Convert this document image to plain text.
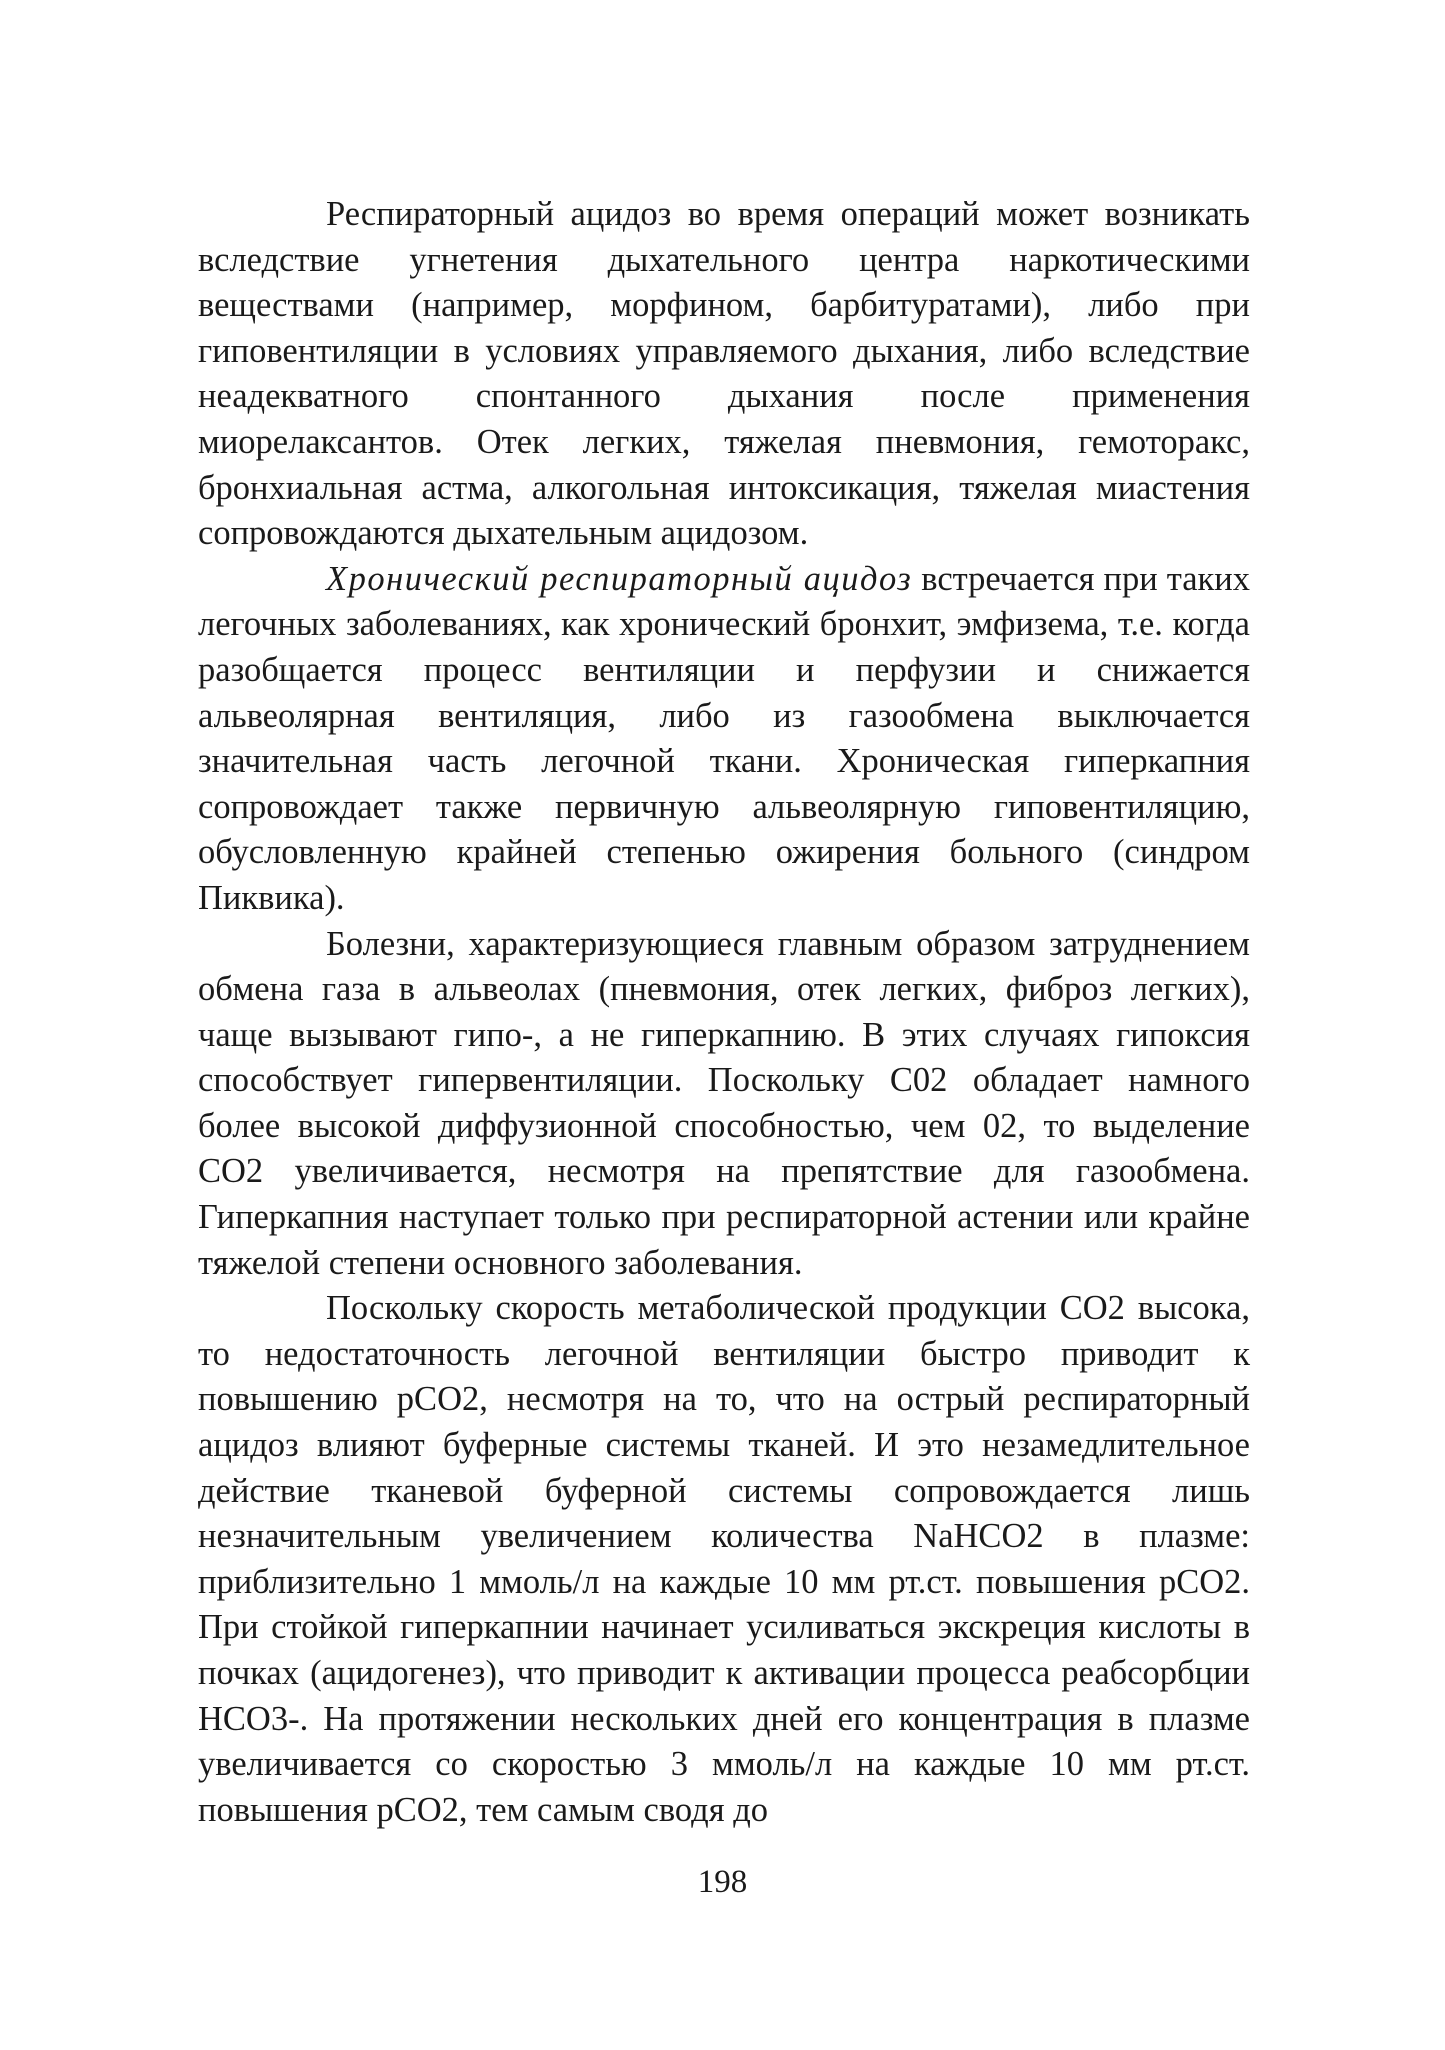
Респираторный ацидоз во время операций может возникать вследствие угнетения дыхательного центра наркотическими веществами (например, морфином, барбитуратами), либо при гиповентиляции в условиях управляемого дыхания, либо вследствие неадекватного спонтанного дыхания после применения миорелаксантов. Отек легких, тяжелая пневмония, гемоторакс, бронхиальная астма, алкогольная интоксикация, тяжелая миастения сопровождаются дыхательным ацидозом.

Хронический респираторный ацидоз встречается при таких легочных заболеваниях, как хронический бронхит, эмфизема, т.е. когда разобщается процесс вентиляции и перфузии и снижается альвеолярная вентиляция, либо из газообмена выключается значительная часть легочной ткани. Хроническая гиперкапния сопровождает также первичную альвеолярную гиповентиляцию, обусловленную крайней степенью ожирения больного (синдром Пиквика).

Болезни, характеризующиеся главным образом затруднением обмена газа в альвеолах (пневмония, отек легких, фиброз легких), чаще вызывают гипо-, а не гиперкапнию. В этих случаях гипоксия способствует гипервентиляции. Поскольку С02 обладает намного более высокой диффузионной способностью, чем 02, то выделение СО2 увеличивается, несмотря на препятствие для газообмена. Гиперкапния наступает только при респираторной астении или крайне тяжелой степени основного заболевания.

Поскольку скорость метаболической продукции СО2 высока, то недостаточность легочной вентиляции быстро приводит к повышению рСО2, несмотря на то, что на острый респираторный ацидоз влияют буферные системы тканей. И это незамедлительное действие тканевой буферной системы сопровождается лишь незначительным увеличением количества NaHCO2 в плазме: приблизительно 1 ммоль/л на каждые 10 мм рт.ст. повышения рСО2. При стойкой гиперкапнии начинает усиливаться экскреция кислоты в почках (ацидогенез), что приводит к активации процесса реабсорбции НСО3-. На протяжении нескольких дней его концентрация в плазме увеличивается со скоростью 3 ммоль/л на каждые 10 мм рт.ст. повышения рСО2, тем самым сводя до

198
